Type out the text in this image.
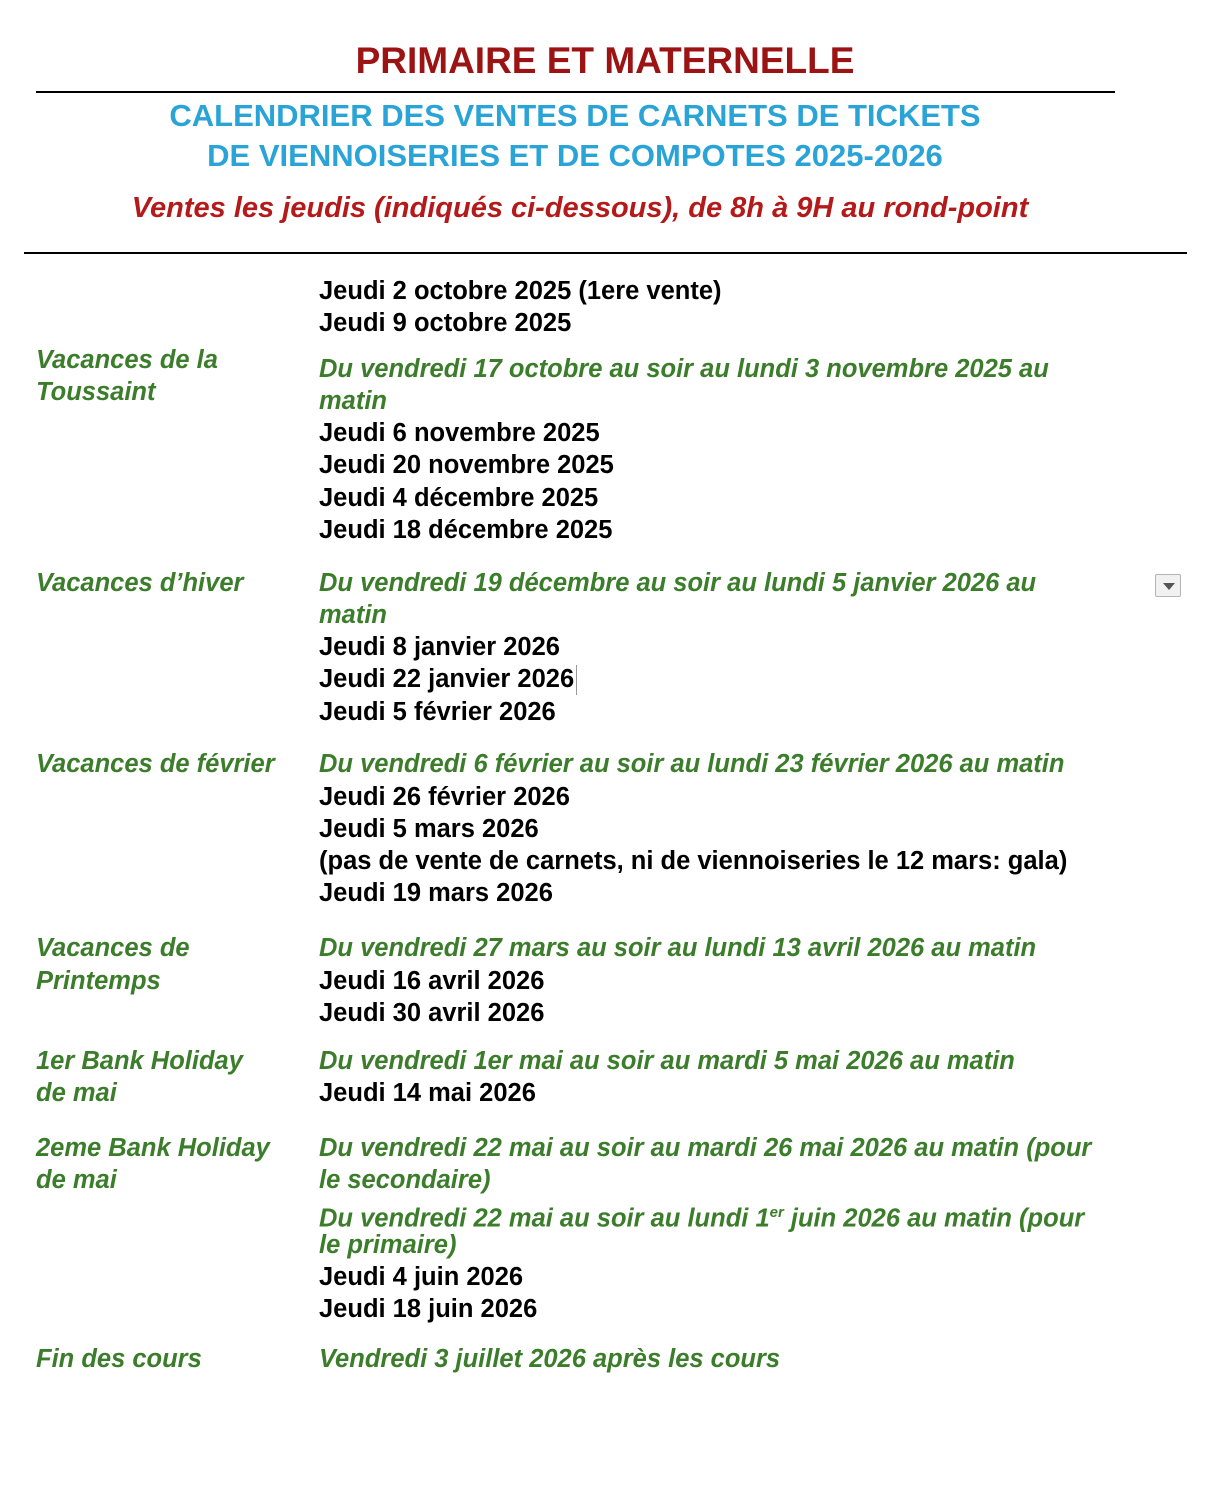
PRIMAIRE ET MATERNELLE
CALENDRIER DES VENTES DE CARNETS DE TICKETS
DE VIENNOISERIES ET DE COMPOTES 2025-2026
Ventes les jeudis (indiqués ci-dessous), de 8h à 9H au rond-point
Jeudi 2 octobre 2025 (1ere vente)
Jeudi 9 octobre 2025
Vacances de la
Toussaint
Du vendredi 17 octobre au soir au lundi 3 novembre 2025 au
matin
Jeudi 6 novembre 2025
Jeudi 20 novembre 2025
Jeudi 4 décembre 2025
Jeudi 18 décembre 2025
Vacances d’hiver	Du vendredi 19 décembre au soir au lundi 5 janvier 2026 au
matin
Jeudi 8 janvier 2026
Jeudi 22 janvier 2026
Jeudi 5 février 2026
Vacances de février Du vendredi 6 février au soir au lundi 23 février 2026 au matin
Jeudi 26 février 2026
Jeudi 5 mars 2026
(pas de vente de carnets, ni de viennoiseries le 12 mars: gala)
Jeudi 19 mars 2026
Vacances de
Printemps
Du vendredi 27 mars au soir au lundi 13 avril 2026 au matin
Jeudi 16 avril 2026
Jeudi 30 avril 2026
1er Bank Holiday
de mai
Du vendredi 1er mai au soir au mardi 5 mai 2026 au matin
Jeudi 14 mai 2026
2eme Bank Holiday
de mai
Du vendredi 22 mai au soir au mardi 26 mai 2026 au matin (pour
le secondaire)
Du vendredi 22 mai au soir au lundi 1er juin 2026 au matin (pour
le primaire)
Jeudi 4 juin 2026
Jeudi 18 juin 2026
Fin des cours	Vendredi 3 juillet 2026 après les cours
